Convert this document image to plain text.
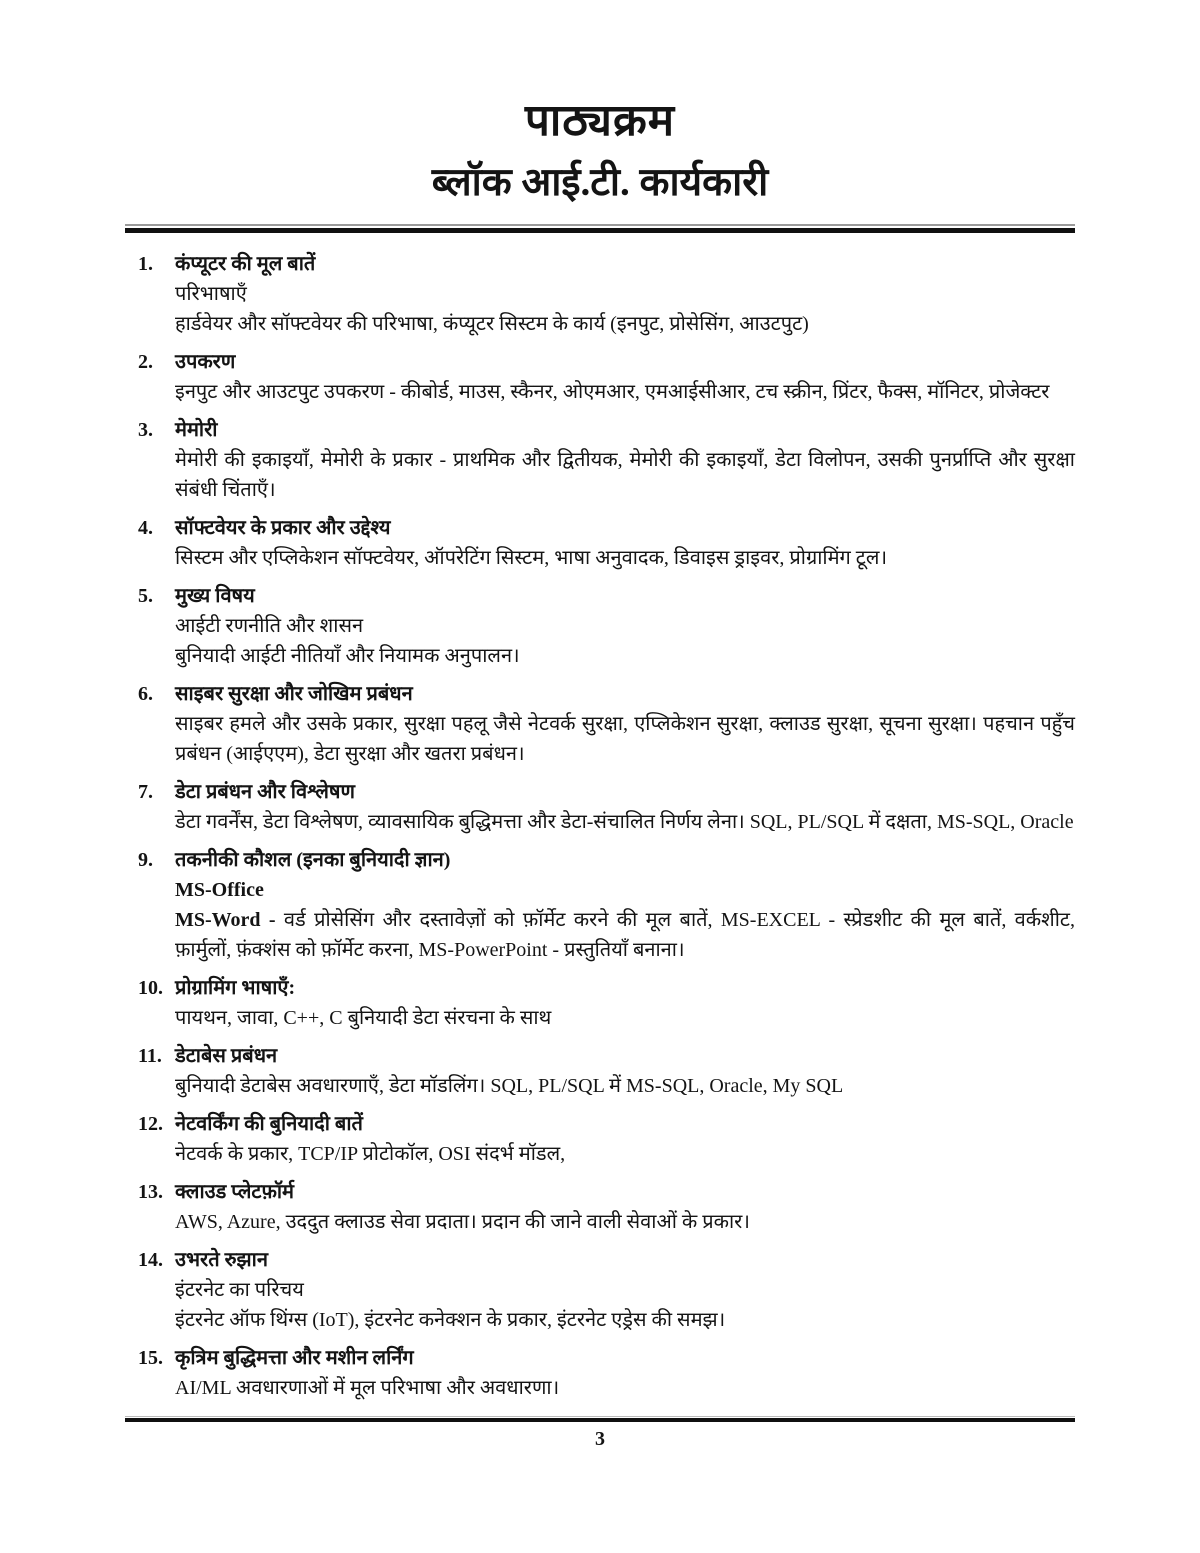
पाठ्यक्रम
ब्लॉक आई.टी. कार्यकारी
1.	कंप्यूटर की मूल बातें

परिभाषाएँ

हार्डवेयर और सॉफ्टवेयर की परिभाषा, कंप्यूटर सिस्टम के कार्य (इनपुट, प्रोसेसिंग, आउटपुट)

2.	उपकरण

इनपुट और आउटपुट उपकरण - कीबोर्ड, माउस, स्कैनर, ओएमआर, एमआईसीआर, टच स्क्रीन, प्रिंटर, फैक्स, मॉनिटर, प्रोजेक्टर

3.	मेमोरी

मेमोरी की इकाइयाँ, मेमोरी के प्रकार - प्राथमिक और द्वितीयक, मेमोरी की इकाइयाँ, डेटा विलोपन, उसकी पुनर्प्राप्ति और सुरक्षा संबंधी चिंताएँ।

4.	सॉफ्टवेयर के प्रकार और उद्देश्य

सिस्टम और एप्लिकेशन सॉफ्टवेयर, ऑपरेटिंग सिस्टम, भाषा अनुवादक, डिवाइस ड्राइवर, प्रोग्रामिंग टूल।

5.	मुख्य विषय

आईटी रणनीति और शासन

बुनियादी आईटी नीतियाँ और नियामक अनुपालन।

6.	साइबर सुरक्षा और जोखिम प्रबंधन

साइबर हमले और उसके प्रकार, सुरक्षा पहलू जैसे नेटवर्क सुरक्षा, एप्लिकेशन सुरक्षा, क्लाउड सुरक्षा, सूचना सुरक्षा। पहचान पहुँच प्रबंधन (आईएएम), डेटा सुरक्षा और खतरा प्रबंधन।

7.	डेटा प्रबंधन और विश्लेषण

डेटा गवर्नेंस, डेटा विश्लेषण, व्यावसायिक बुद्धिमत्ता और डेटा-संचालित निर्णय लेना। SQL, PL/SQL में दक्षता, MS-SQL, Oracle

9.	तकनीकी कौशल (इनका बुनियादी ज्ञान)
MS-Office

MS-Word - वर्ड प्रोसेसिंग और दस्तावेज़ों को फ़ॉर्मेट करने की मूल बातें, MS-EXCEL - स्प्रेडशीट की मूल बातें, वर्कशीट, फ़ार्मुलों, फ़ंक्शंस को फ़ॉर्मेट करना, MS-PowerPoint - प्रस्तुतियाँ बनाना।

10. प्रोग्रामिंग भाषाएँ:

पायथन, जावा, C++, C बुनियादी डेटा संरचना के साथ

11. डेटाबेस प्रबंधन

बुनियादी डेटाबेस अवधारणाएँ, डेटा मॉडलिंग। SQL, PL/SQL में MS-SQL, Oracle, My SQL

12. नेटवर्किंग की बुनियादी बातें

नेटवर्क के प्रकार, TCP/IP प्रोटोकॉल, OSI संदर्भ मॉडल,

13. क्लाउड प्लेटफ़ॉर्म

AWS, Azure, उददुत क्लाउड सेवा प्रदाता। प्रदान की जाने वाली सेवाओं के प्रकार।

14. उभरते रुझान

इंटरनेट का परिचय

इंटरनेट ऑफ थिंग्स (IoT), इंटरनेट कनेक्शन के प्रकार, इंटरनेट एड्रेस की समझ।

15. कृत्रिम बुद्धिमत्ता और मशीन लर्निंग

AI/ML अवधारणाओं में मूल परिभाषा और अवधारणा।

3
